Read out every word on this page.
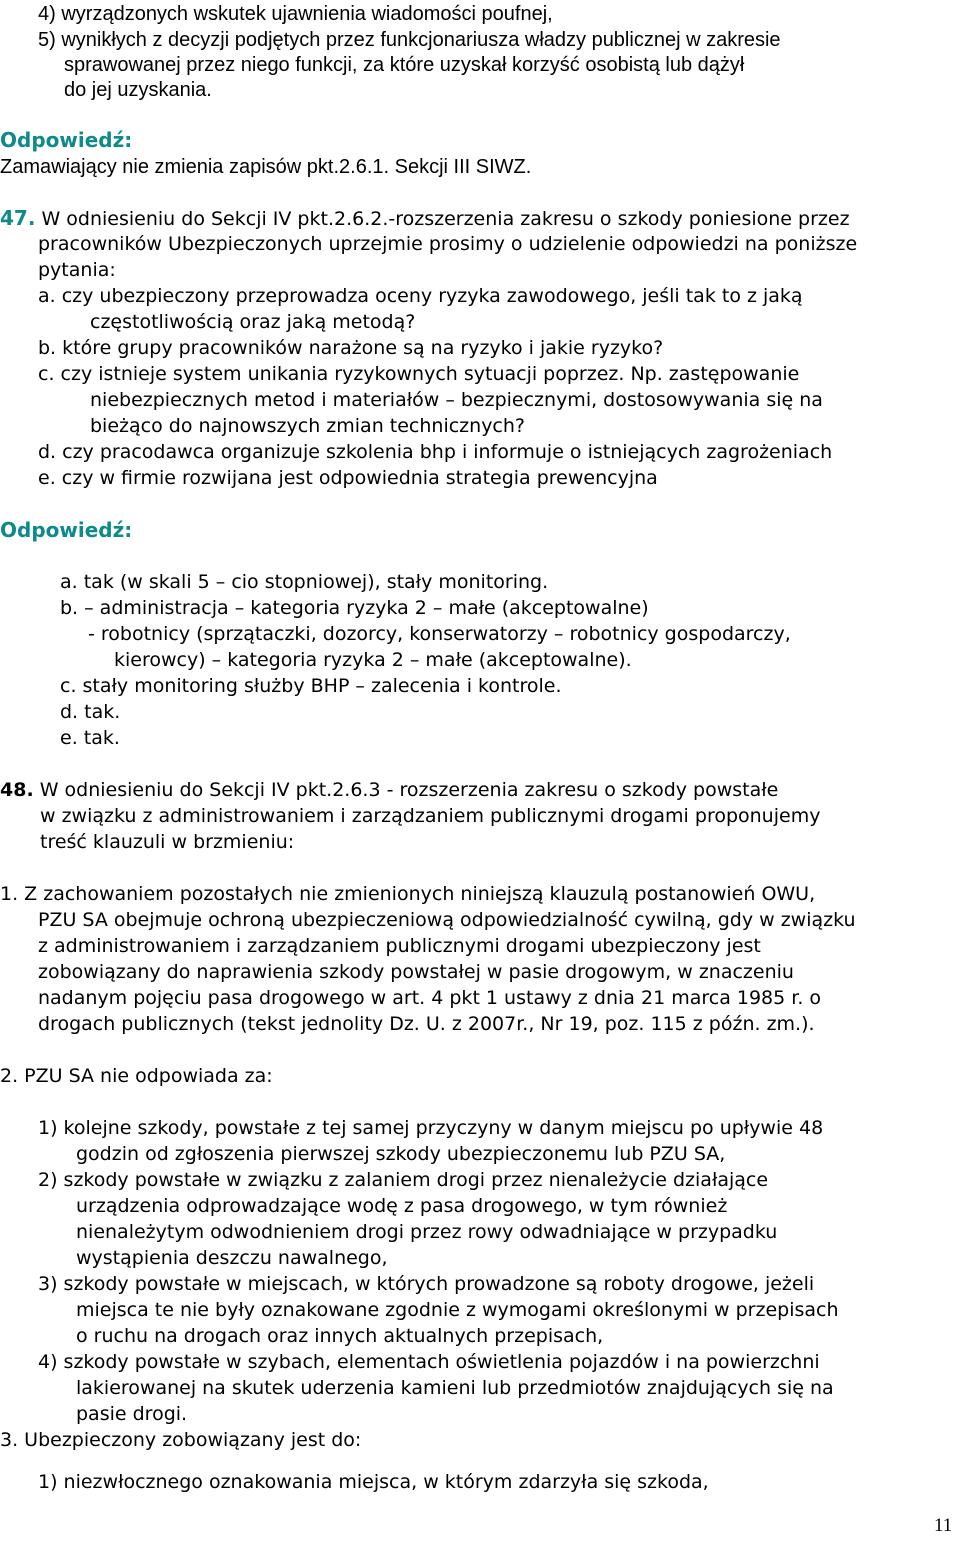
4) wyrządzonych wskutek ujawnienia wiadomości poufnej,
5) wynikłych z decyzji podjętych przez funkcjonariusza władzy publicznej w zakresie
sprawowanej przez niego funkcji, za które uzyskał korzyść osobistą lub dążył
do jej uzyskania.
Odpowiedź:
Zamawiający nie zmienia zapisów pkt.2.6.1. Sekcji III SIWZ.
47. W odniesieniu do Sekcji IV pkt.2.6.2.-rozszerzenia zakresu o szkody poniesione przez
pracowników Ubezpieczonych uprzejmie prosimy o udzielenie odpowiedzi na poniższe
pytania:
a. czy ubezpieczony przeprowadza oceny ryzyka zawodowego, jeśli tak to z jaką
częstotliwością oraz jaką metodą?
b. które grupy pracowników narażone są na ryzyko i jakie ryzyko?
c. czy istnieje system unikania ryzykownych sytuacji poprzez. Np. zastępowanie
niebezpiecznych metod i materiałów – bezpiecznymi, dostosowywania się na
bieżąco do najnowszych zmian technicznych?
d. czy pracodawca organizuje szkolenia bhp i informuje o istniejących zagrożeniach
e. czy w firmie rozwijana jest odpowiednia strategia prewencyjna
Odpowiedź:
a. tak (w skali 5 – cio stopniowej), stały monitoring.
b. – administracja – kategoria ryzyka 2 – małe (akceptowalne)
- robotnicy (sprzątaczki, dozorcy, konserwatorzy – robotnicy gospodarczy,
kierowcy) – kategoria ryzyka 2 – małe (akceptowalne).
c. stały monitoring służby BHP – zalecenia i kontrole.
d. tak.
e. tak.
48. W odniesieniu do Sekcji IV pkt.2.6.3 - rozszerzenia zakresu o szkody powstałe
w związku z administrowaniem i zarządzaniem publicznymi drogami proponujemy
treść klauzuli w brzmieniu:
1. Z zachowaniem pozostałych nie zmienionych niniejszą klauzulą postanowień OWU,
PZU SA obejmuje ochroną ubezpieczeniową odpowiedzialność cywilną, gdy w związku
z administrowaniem i zarządzaniem publicznymi drogami ubezpieczony jest
zobowiązany do naprawienia szkody powstałej w pasie drogowym, w znaczeniu
nadanym pojęciu pasa drogowego w art. 4 pkt 1 ustawy z dnia 21 marca 1985 r. o
drogach publicznych (tekst jednolity Dz. U. z 2007r., Nr 19, poz. 115 z późn. zm.).
2. PZU SA nie odpowiada za:
1) kolejne szkody, powstałe z tej samej przyczyny w danym miejscu po upływie 48
godzin od zgłoszenia pierwszej szkody ubezpieczonemu lub PZU SA,
2) szkody powstałe w związku z zalaniem drogi przez nienależycie działające
urządzenia odprowadzające wodę z pasa drogowego, w tym również
nienależytym odwodnieniem drogi przez rowy odwadniające w przypadku
wystąpienia deszczu nawalnego,
3) szkody powstałe w miejscach, w których prowadzone są roboty drogowe, jeżeli
miejsca te nie były oznakowane zgodnie z wymogami określonymi w przepisach
o ruchu na drogach oraz innych aktualnych przepisach,
4) szkody powstałe w szybach, elementach oświetlenia pojazdów i na powierzchni
lakierowanej na skutek uderzenia kamieni lub przedmiotów znajdujących się na
pasie drogi.
3. Ubezpieczony zobowiązany jest do:
1) niezwłocznego oznakowania miejsca, w którym zdarzyła się szkoda,
11
